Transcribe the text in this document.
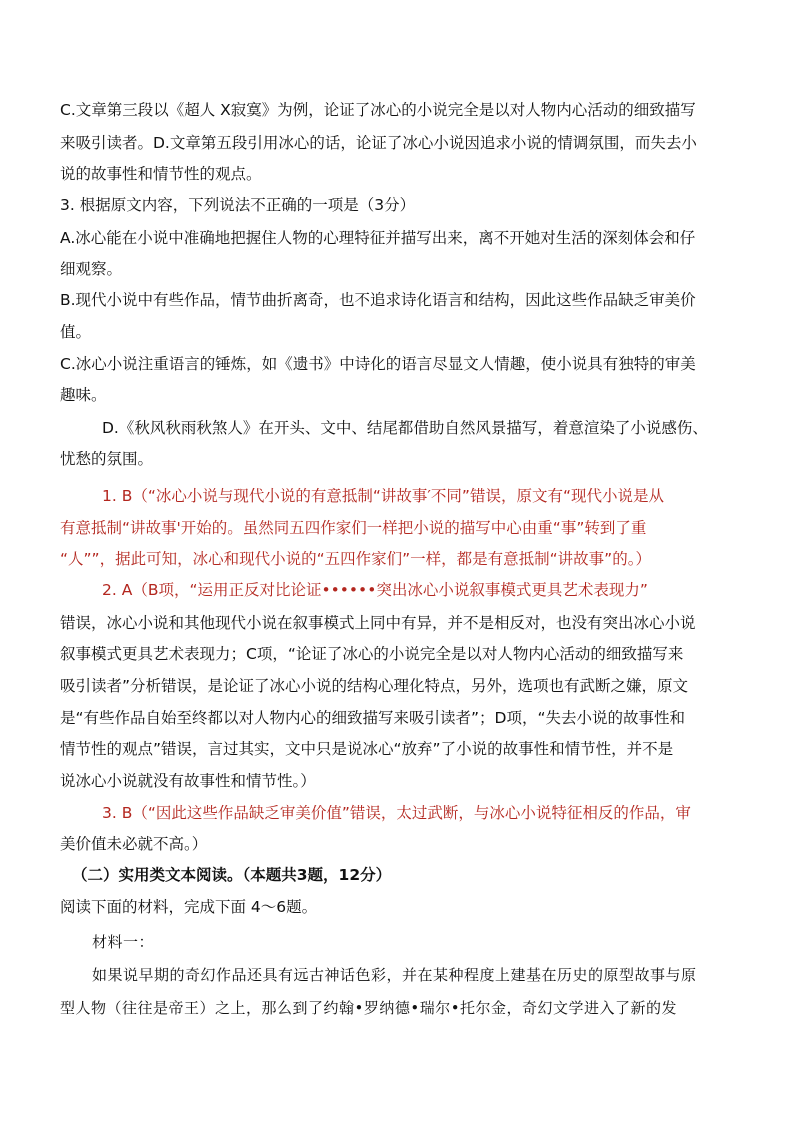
C.文章第三段以《超人 X寂寞》为例，论证了冰心的小说完全是以对人物内心活动的细致描写
来吸引读者。D.文章第五段引用冰心的话，论证了冰心小说因追求小说的情调氛围，而失去小
说的故事性和情节性的观点。
3. 根据原文内容，下列说法不正确的一项是（3分）
A.冰心能在小说中准确地把握住人物的心理特征并描写出来，离不开她对生活的深刻体会和仔
细观察。
B.现代小说中有些作品，情节曲折离奇，也不追求诗化语言和结构，因此这些作品缺乏审美价
值。
C.冰心小说注重语言的锤炼，如《遗书》中诗化的语言尽显文人情趣，使小说具有独特的审美
趣味。
D.《秋风秋雨秋煞人》在开头、文中、结尾都借助自然风景描写，着意渲染了小说感伤、
忧愁的氛围。
1. B（“冰心小说与现代小说的有意抵制“讲故事′不同”错误，原文有“现代小说是从
有意抵制“讲故事'开始的。虽然同五四作家们一样把小说的描写中心由重“事”转到了重
“人””，据此可知，冰心和现代小说的“五四作家们”一样，都是有意抵制“讲故事”的。）
2. A（B项，“运用正反对比论证••••••突出冰心小说叙事模式更具艺术表现力”
错误，冰心小说和其他现代小说在叙事模式上同中有异，并不是相反对，也没有突出冰心小说
叙事模式更具艺术表现力；C项，“论证了冰心的小说完全是以对人物内心活动的细致描写来
吸引读者”分析错误，是论证了冰心小说的结构心理化特点，另外，选项也有武断之嫌，原文
是“有些作品自始至终都以对人物内心的细致描写来吸引读者”；D项，“失去小说的故事性和
情节性的观点”错误，言过其实，文中只是说冰心“放弃”了小说的故事性和情节性，并不是
说冰心小说就没有故事性和情节性。）
3. B（“因此这些作品缺乏审美价值”错误，太过武断，与冰心小说特征相反的作品，审
美价值未必就不高。）
（二）实用类文本阅读。（本题共3题，12分）
阅读下面的材料，完成下面 4～6题。
材料一：
如果说早期的奇幻作品还具有远古神话色彩，并在某种程度上建基在历史的原型故事与原
型人物（往往是帝王）之上，那么到了约翰•罗纳德•瑞尔•托尔金，奇幻文学进入了新的发
